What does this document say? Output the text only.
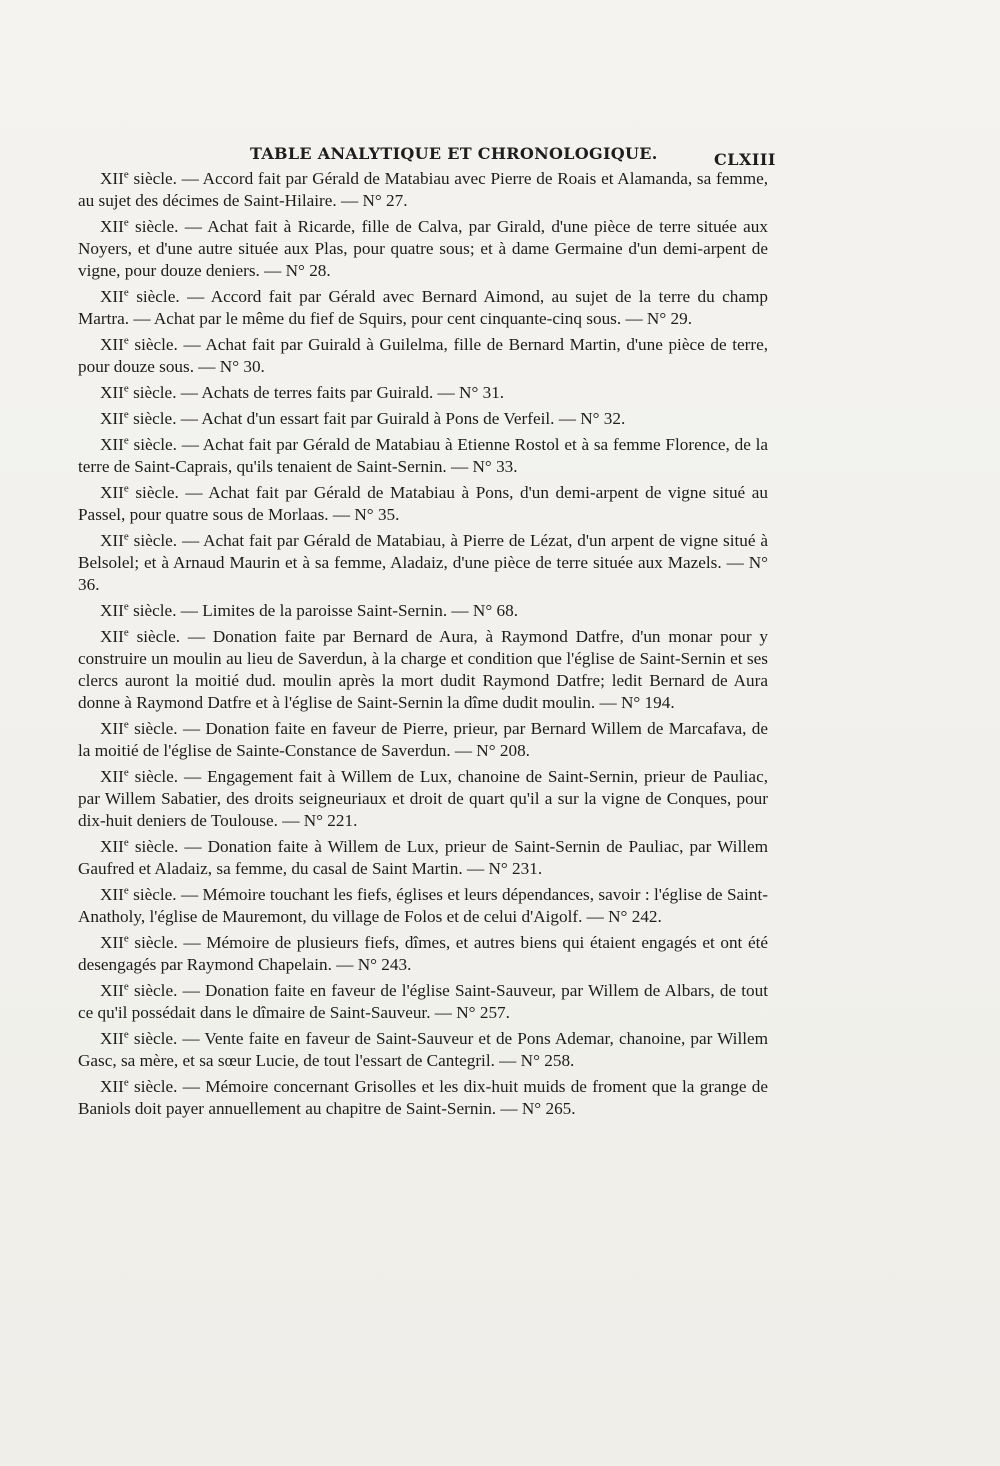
TABLE ANALYTIQUE ET CHRONOLOGIQUE.	CLXIII

XIIe siècle. — Accord fait par Gérald de Matabiau avec Pierre de Roais et Alamanda, sa femme, au sujet des décimes de Saint-Hilaire. — N° 27.

XIIe siècle. — Achat fait à Ricarde, fille de Calva, par Girald, d'une pièce de terre située aux Noyers, et d'une autre située aux Plas, pour quatre sous; et à dame Germaine d'un demi-arpent de vigne, pour douze deniers. — N° 28.

XIIe siècle. — Accord fait par Gérald avec Bernard Aimond, au sujet de la terre du champ Martra. — Achat par le même du fief de Squirs, pour cent cinquante-cinq sous. — N° 29.

XIIe siècle. — Achat fait par Guirald à Guilelma, fille de Bernard Martin, d'une pièce de terre, pour douze sous. — N° 30.

XIIe siècle. — Achats de terres faits par Guirald. — N° 31.

XIIe siècle. — Achat d'un essart fait par Guirald à Pons de Verfeil. — N° 32.

XIIe siècle. — Achat fait par Gérald de Matabiau à Etienne Rostol et à sa femme Florence, de la terre de Saint-Caprais, qu'ils tenaient de Saint-Sernin. — N° 33.

XIIe siècle. — Achat fait par Gérald de Matabiau à Pons, d'un demi-arpent de vigne situé au Passel, pour quatre sous de Morlaas. — N° 35.

XIIe siècle. — Achat fait par Gérald de Matabiau, à Pierre de Lézat, d'un arpent de vigne situé à Belsolel; et à Arnaud Maurin et à sa femme, Aladaiz, d'une pièce de terre située aux Mazels. — N° 36.

XIIe siècle. — Limites de la paroisse Saint-Sernin. — N° 68.

XIIe siècle. — Donation faite par Bernard de Aura, à Raymond Datfre, d'un monar pour y construire un moulin au lieu de Saverdun, à la charge et condition que l'église de Saint-Sernin et ses clercs auront la moitié dud. moulin après la mort dudit Raymond Datfre; ledit Bernard de Aura donne à Raymond Datfre et à l'église de Saint-Sernin la dîme dudit moulin. — N° 194.

XIIe siècle. — Donation faite en faveur de Pierre, prieur, par Bernard Willem de Marcafava, de la moitié de l'église de Sainte-Constance de Saverdun. — N° 208.

XIIe siècle. — Engagement fait à Willem de Lux, chanoine de Saint-Sernin, prieur de Pauliac, par Willem Sabatier, des droits seigneuriaux et droit de quart qu'il a sur la vigne de Conques, pour dix-huit deniers de Toulouse. — N° 221.

XIIe siècle. — Donation faite à Willem de Lux, prieur de Saint-Sernin de Pauliac, par Willem Gaufred et Aladaiz, sa femme, du casal de Saint Martin. — N° 231.

XIIe siècle. — Mémoire touchant les fiefs, églises et leurs dépendances, savoir : l'église de Saint-Anatholy, l'église de Mauremont, du village de Folos et de celui d'Aigolf. — N° 242.

XIIe siècle. — Mémoire de plusieurs fiefs, dîmes, et autres biens qui étaient engagés et ont été desengagés par Raymond Chapelain. — N° 243.

XIIe siècle. — Donation faite en faveur de l'église Saint-Sauveur, par Willem de Albars, de tout ce qu'il possédait dans le dîmaire de Saint-Sauveur. — N° 257.

XIIe siècle. — Vente faite en faveur de Saint-Sauveur et de Pons Ademar, chanoine, par Willem Gasc, sa mère, et sa sœur Lucie, de tout l'essart de Cantegril. — N° 258.

XIIe siècle. — Mémoire concernant Grisolles et les dix-huit muids de froment que la grange de Baniols doit payer annuellement au chapitre de Saint-Sernin. — N° 265.
